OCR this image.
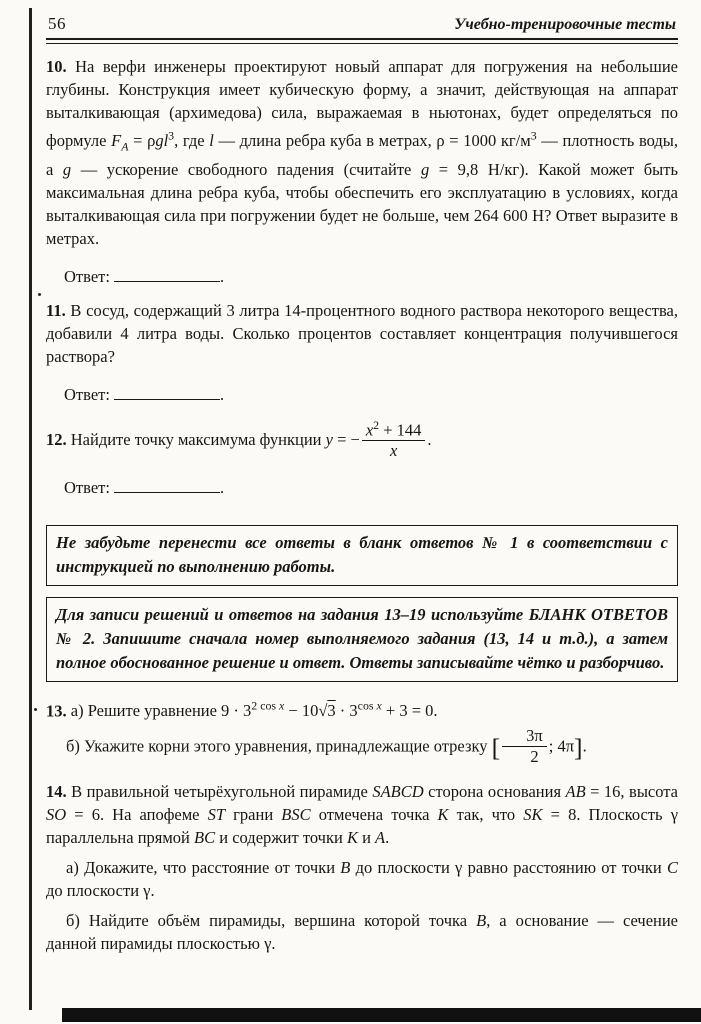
56	Учебно-тренировочные тесты

10. На верфи инженеры проектируют новый аппарат для погружения на небольшие глубины. Конструкция имеет кубическую форму, а значит, действующая на аппарат выталкивающая (архимедова) сила, выражаемая в ньютонах, будет определяться по формуле $F_A = \rho gl^3$, где l — длина ребра куба в метрах, ρ = 1000 $кг/м^3$ — плотность воды, а g — ускорение свободного падения (считайте g = 9,8 Н/кг). Какой может быть максимальная длина ребра куба, чтобы обеспечить его эксплуатацию в условиях, когда выталкивающая сила при погружении будет не больше, чем 264 600 Н? Ответ выразите в метрах.

Ответ:	.

11. В сосуд, содержащий 3 литра 14-процентного водного раствора некоторого вещества, добавили 4 литра воды. Сколько процентов составляет концентрация получившегося раствора?

Ответ:	.

12. Найдите точку максимума функции y = − $\frac{x^2 + 144}{x}$ .

Ответ:	.

Не забудьте перенести все ответы в бланк ответов № 1 в соответствии с инструкцией по выполнению работы.
Для записи решений и ответов на задания 13–19 используйте БЛАНК ОТВЕТОВ № 2. Запишите сначала номер выполняемого задания (13, 14 и т.д.), а затем полное обоснованное решение и ответ. Ответы записывайте чётко и разборчиво.

13. а) Решите уравнение $9 \cdot 3^{2 cos x} - 10√3 \cdot 3^{cos x} + 3 = 0$.

б) Укажите корни этого уравнения, принадлежащие отрезку [ $\frac{3\pi}{2}$ ; 4π].

14. В правильной четырёхугольной пирамиде SABCD сторона основания AB = 16, высота SO = 6. На апофеме ST грани BSC отмечена точка K так, что SK = 8. Плоскость γ параллельна прямой BC и содержит точки K и A.

а) Докажите, что расстояние от точки B до плоскости γ равно расстоянию от точки C до плоскости γ.

б) Найдите объём пирамиды, вершина которой точка B, а основание — сечение данной пирамиды плоскостью γ.
